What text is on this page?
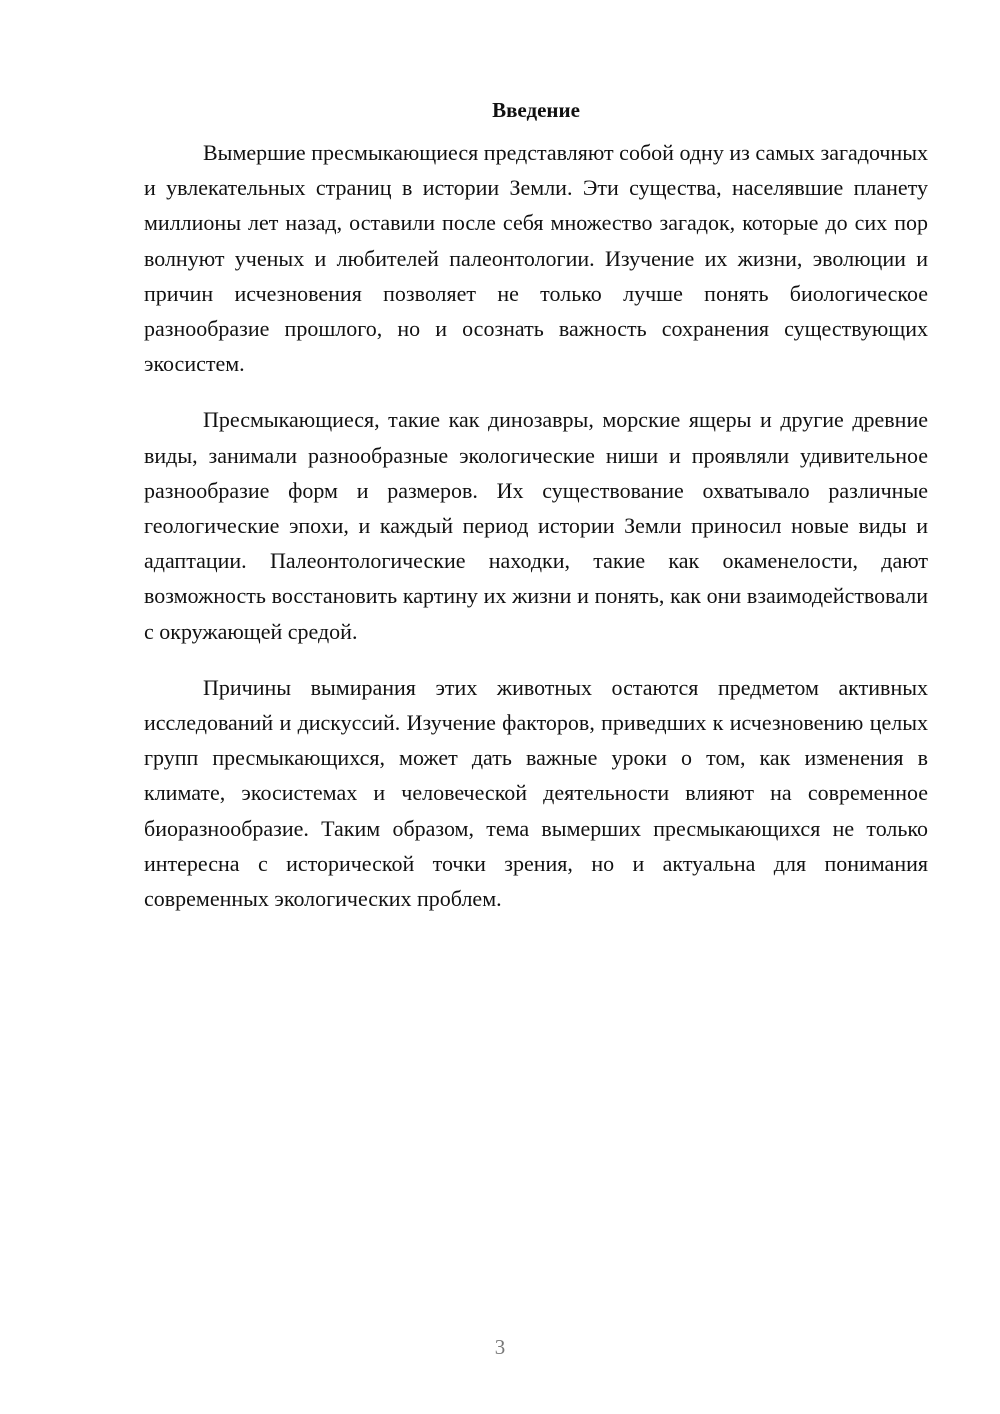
Введение

Вымершие пресмыкающиеся представляют собой одну из самых загадочных и увлекательных страниц в истории Земли. Эти существа, населявшие планету миллионы лет назад, оставили после себя множество загадок, которые до сих пор волнуют ученых и любителей палеонтологии. Изучение их жизни, эволюции и причин исчезновения позволяет не только лучше понять биологическое разнообразие прошлого, но и осознать важность сохранения существующих экосистем.

Пресмыкающиеся, такие как динозавры, морские ящеры и другие древние виды, занимали разнообразные экологические ниши и проявляли удивительное разнообразие форм и размеров. Их существование охватывало различные геологические эпохи, и каждый период истории Земли приносил новые виды и адаптации. Палеонтологические находки, такие как окаменелости, дают возможность восстановить картину их жизни и понять, как они взаимодействовали с окружающей средой.

Причины вымирания этих животных остаются предметом активных исследований и дискуссий. Изучение факторов, приведших к исчезновению целых групп пресмыкающихся, может дать важные уроки о том, как изменения в климате, экосистемах и человеческой деятельности влияют на современное биоразнообразие. Таким образом, тема вымерших пресмыкающихся не только интересна с исторической точки зрения, но и актуальна для понимания современных экологических проблем.

3
